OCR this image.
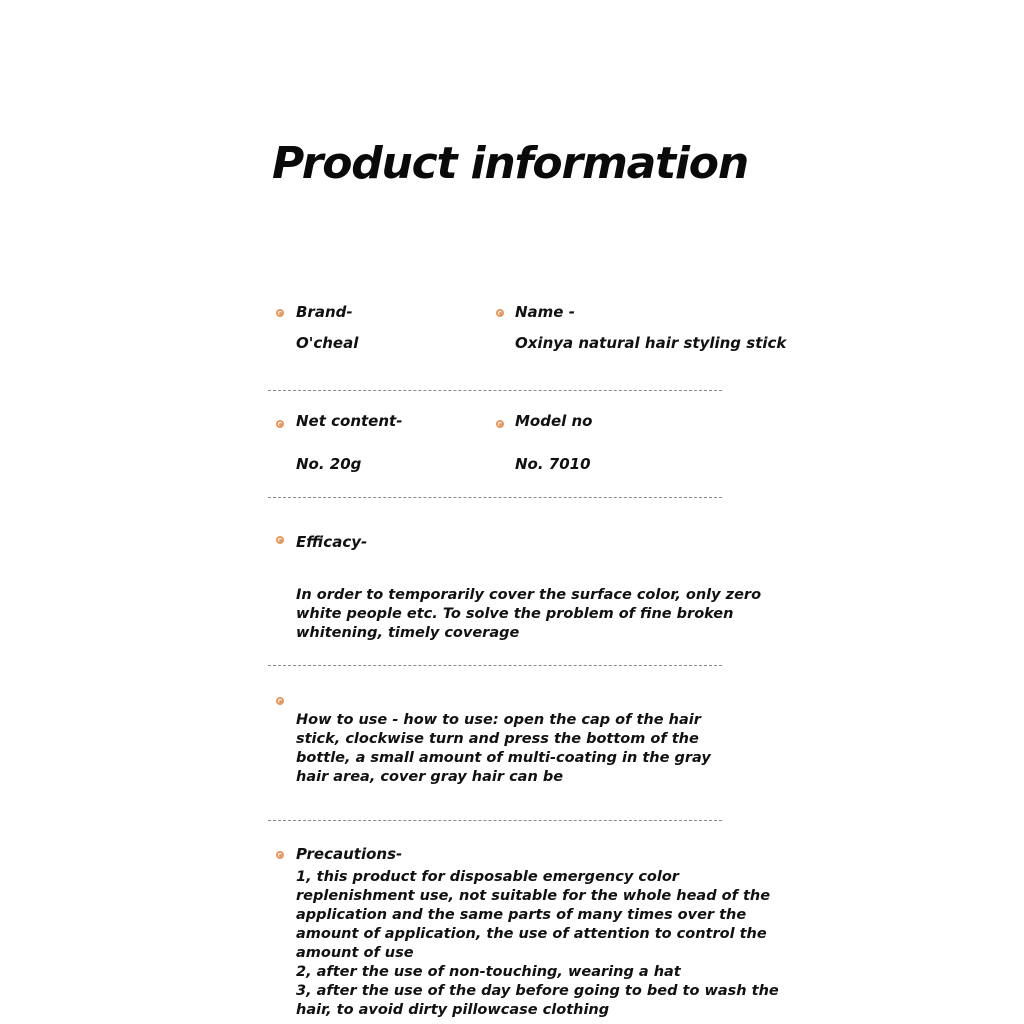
Product information
Brand-
O'cheal
Name -
Oxinya natural hair styling stick
Net content-
No. 20g
Model no
No. 7010
Efficacy-
In order to temporarily cover the surface color, only zero
white people etc. To solve the problem of fine broken
whitening, timely coverage
How to use - how to use: open the cap of the hair
stick, clockwise turn and press the bottom of the
bottle, a small amount of multi-coating in the gray
hair area, cover gray hair can be
Precautions-
1, this product for disposable emergency color
replenishment use, not suitable for the whole head of the
application and the same parts of many times over the
amount of application, the use of attention to control the
amount of use
2, after the use of non-touching, wearing a hat
3, after the use of the day before going to bed to wash the
hair, to avoid dirty pillowcase clothing
